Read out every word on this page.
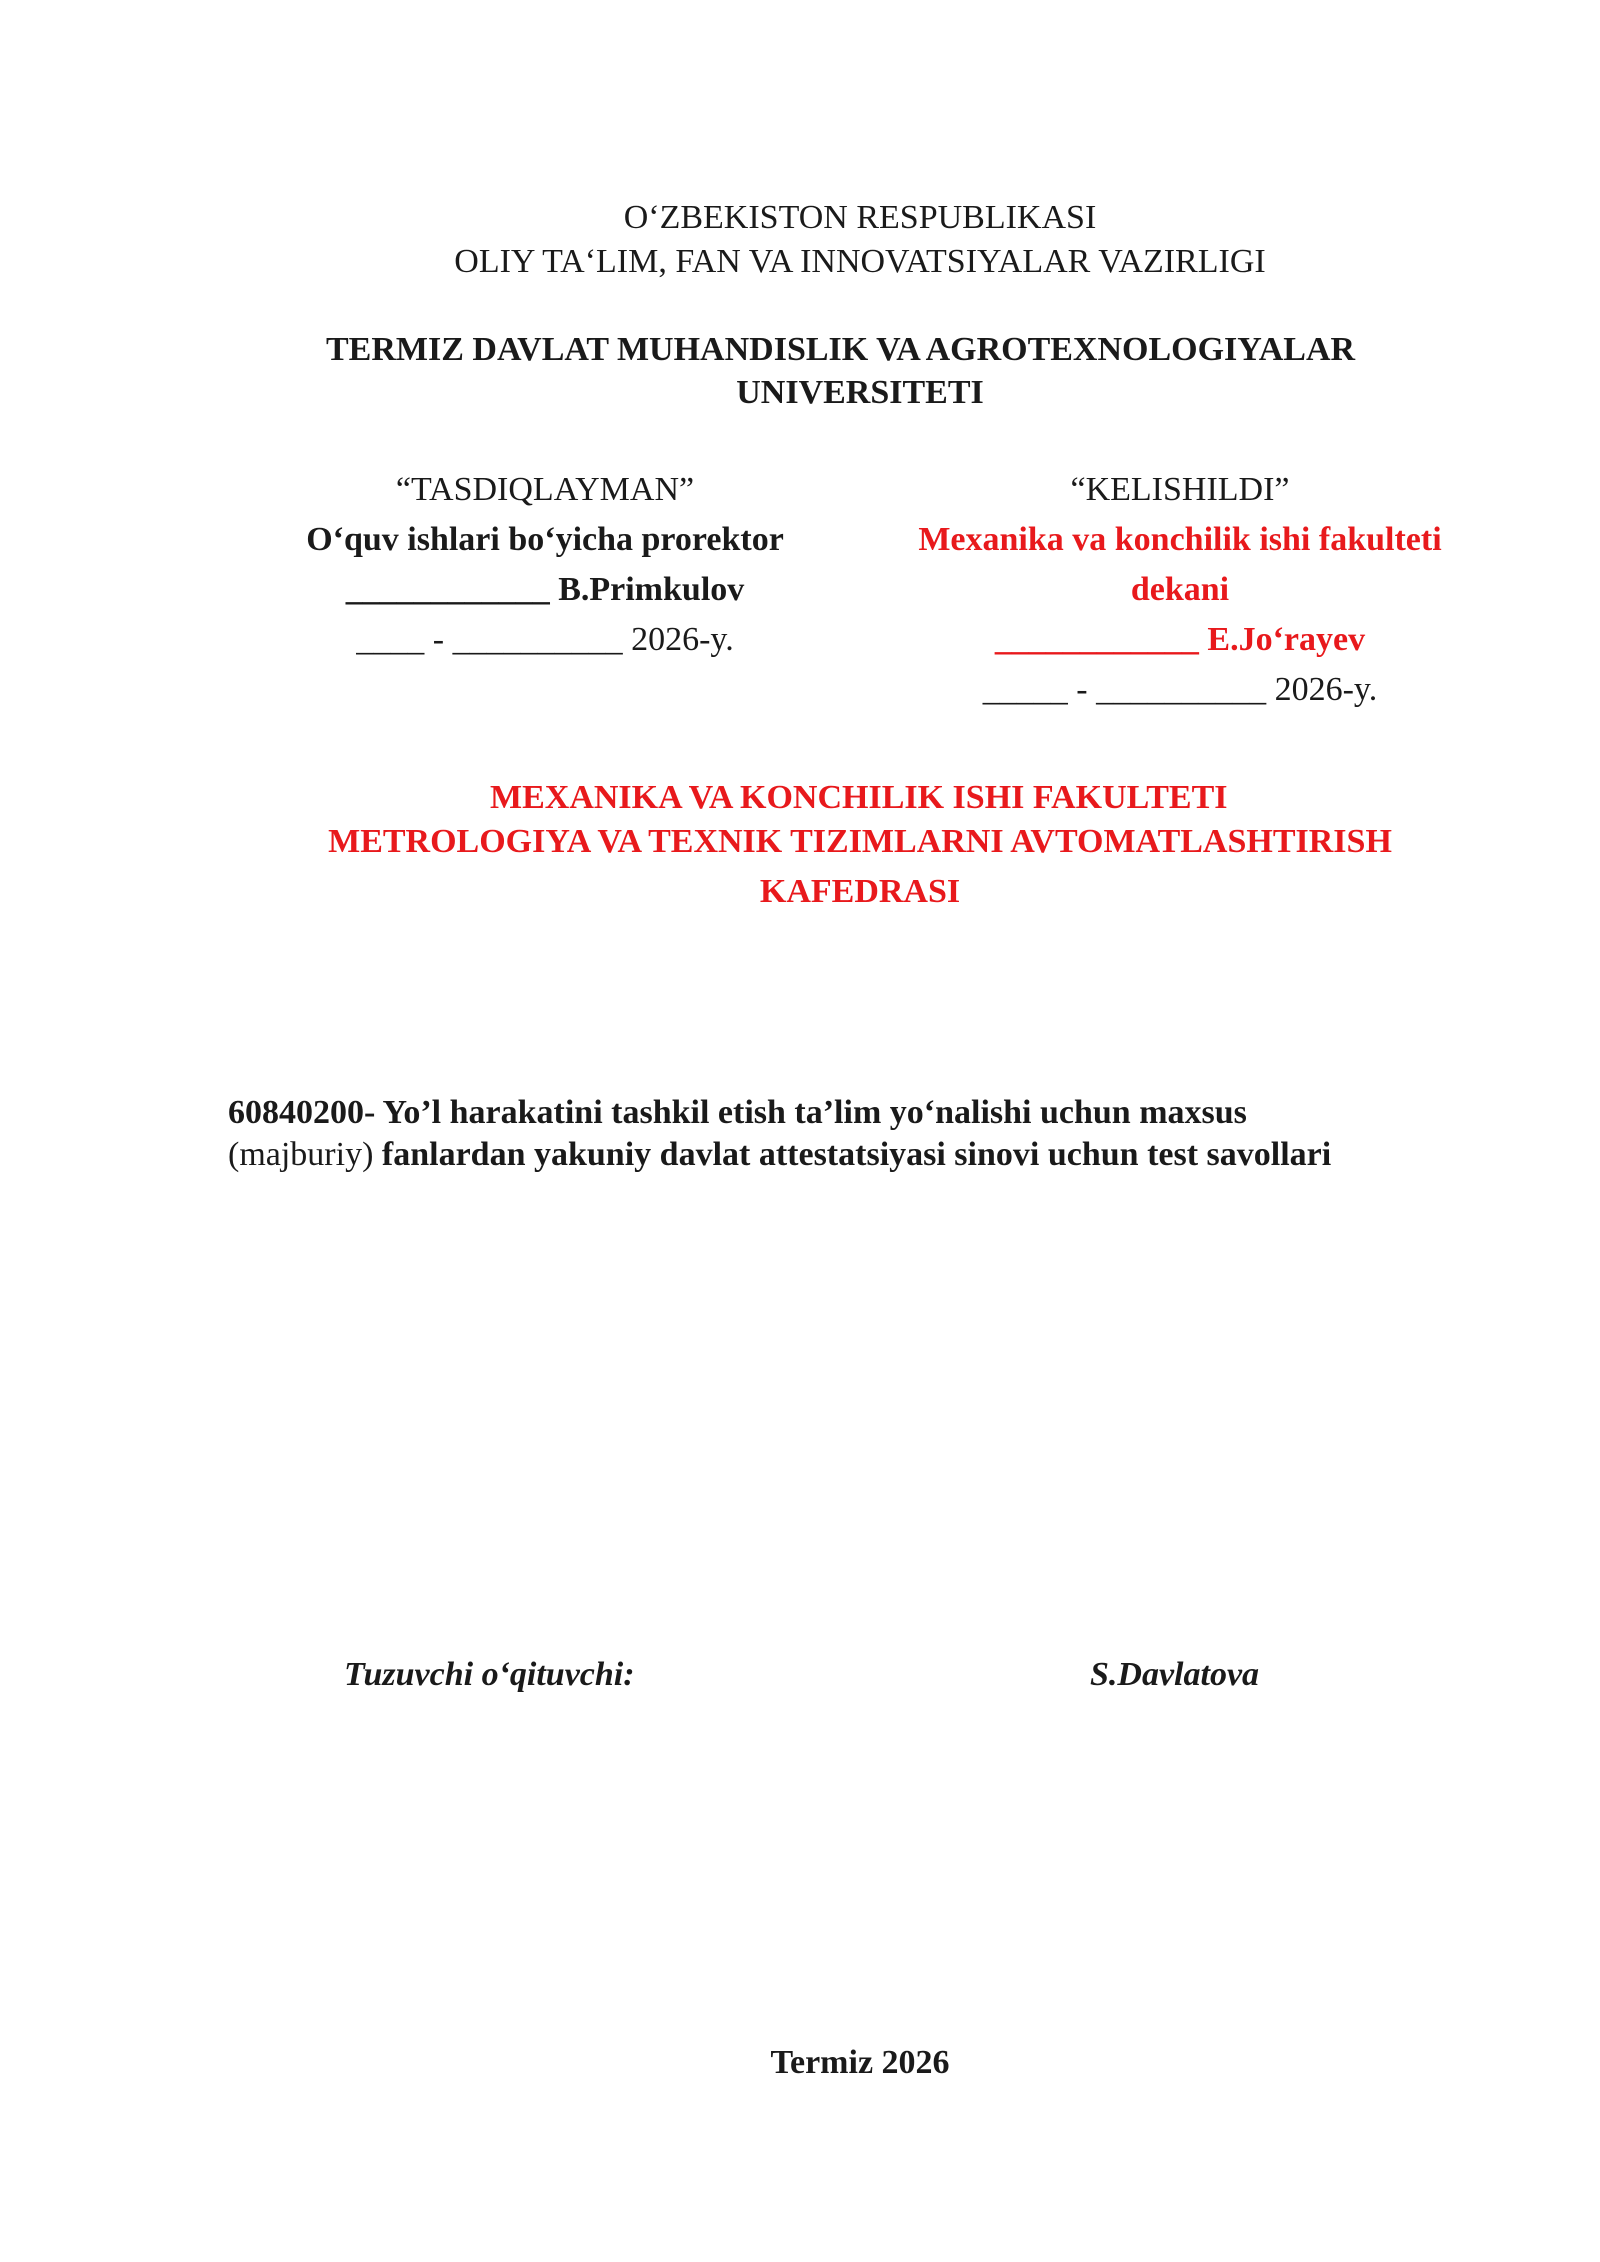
O‘ZBEKISTON RESPUBLIKASI
OLIY TA‘LIM, FAN VA INNOVATSIYALAR VAZIRLIGI
TERMIZ DAVLAT MUHANDISLIK VA AGROTEXNOLOGIYALAR
UNIVERSITETI
“TASDIQLAYMAN”
O‘quv ishlari bo‘yicha prorektor
____________ B.Primkulov
____ - __________ 2026-y.
“KELISHILDI”
Mexanika va konchilik ishi fakulteti
dekani
____________ E.Jo‘rayev
_____ - __________ 2026-y.
MEXANIKA VA KONCHILIK ISHI FAKULTETI
METROLOGIYA VA TEXNIK TIZIMLARNI AVTOMATLASHTIRISH
KAFEDRASI
60840200- Yo’l harakatini tashkil etish ta’lim yo‘nalishi uchun maxsus
(majburiy) fanlardan yakuniy davlat attestatsiyasi sinovi uchun test savollari
Tuzuvchi o‘qituvchi:	S.Davlatova
Termiz 2026
